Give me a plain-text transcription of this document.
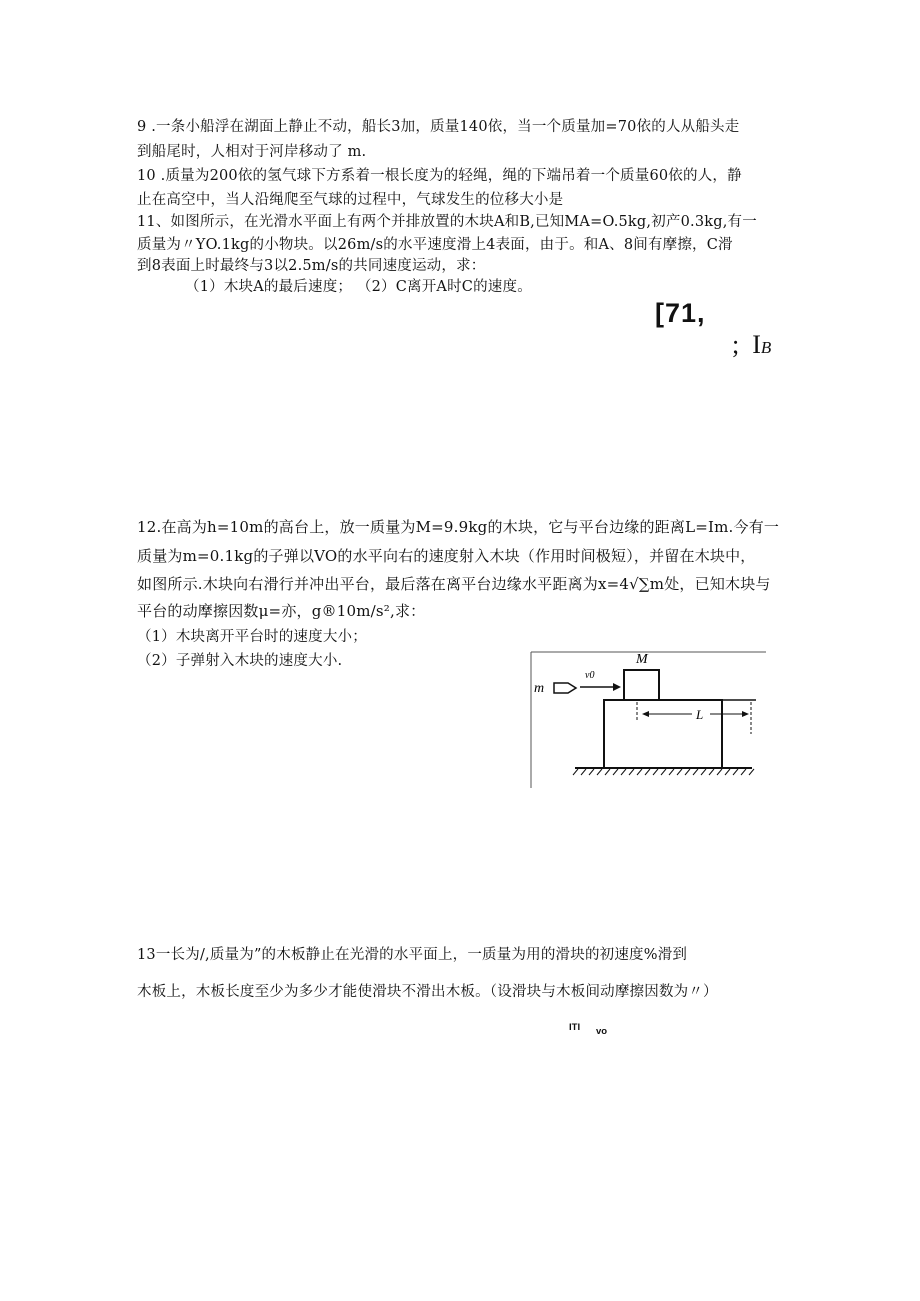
9 .一条小船浮在湖面上静止不动，船长3加，质量140依，当一个质量加=70依的人从船头走
到船尾时，人相对于河岸移动了 m.
10 .质量为200依的氢气球下方系着一根长度为的轻绳，绳的下端吊着一个质量60依的人，静
止在高空中，当人沿绳爬至气球的过程中，气球发生的位移大小是
11、如图所示，在光滑水平面上有两个并排放置的木块A和B,已知MA=O.5kg,初产0.3kg,有一
质量为〃YO.1kg的小物块。以26m/s的水平速度滑上4表面，由于。和A、8间有摩擦，C滑
到8表面上时最终与3以2.5m/s的共同速度运动，求：
（1）木块A的最后速度； （2）C离开A时C的速度。
[71,
; IB
12.在高为h=10m的高台上，放一质量为M=9.9kg的木块，它与平台边缘的距离L=Im.今有一
质量为m=0.1kg的子弹以VO的水平向右的速度射入木块（作用时间极短），并留在木块中，
如图所示.木块向右滑行并冲出平台，最后落在离平台边缘水平距离为x=4√∑m处，已知木块与
平台的动摩擦因数μ=亦，g®10m∕s²,求：
（1）木块离开平台时的速度大小；
（2）子弹射入木块的速度大小.	M
m
v0
L
13一长为/,质量为”的木板静止在光滑的水平面上，一质量为用的滑块的初速度%滑到
木板上，木板长度至少为多少才能使滑块不滑出木板。（设滑块与木板间动摩擦因数为〃）
ITI vo
